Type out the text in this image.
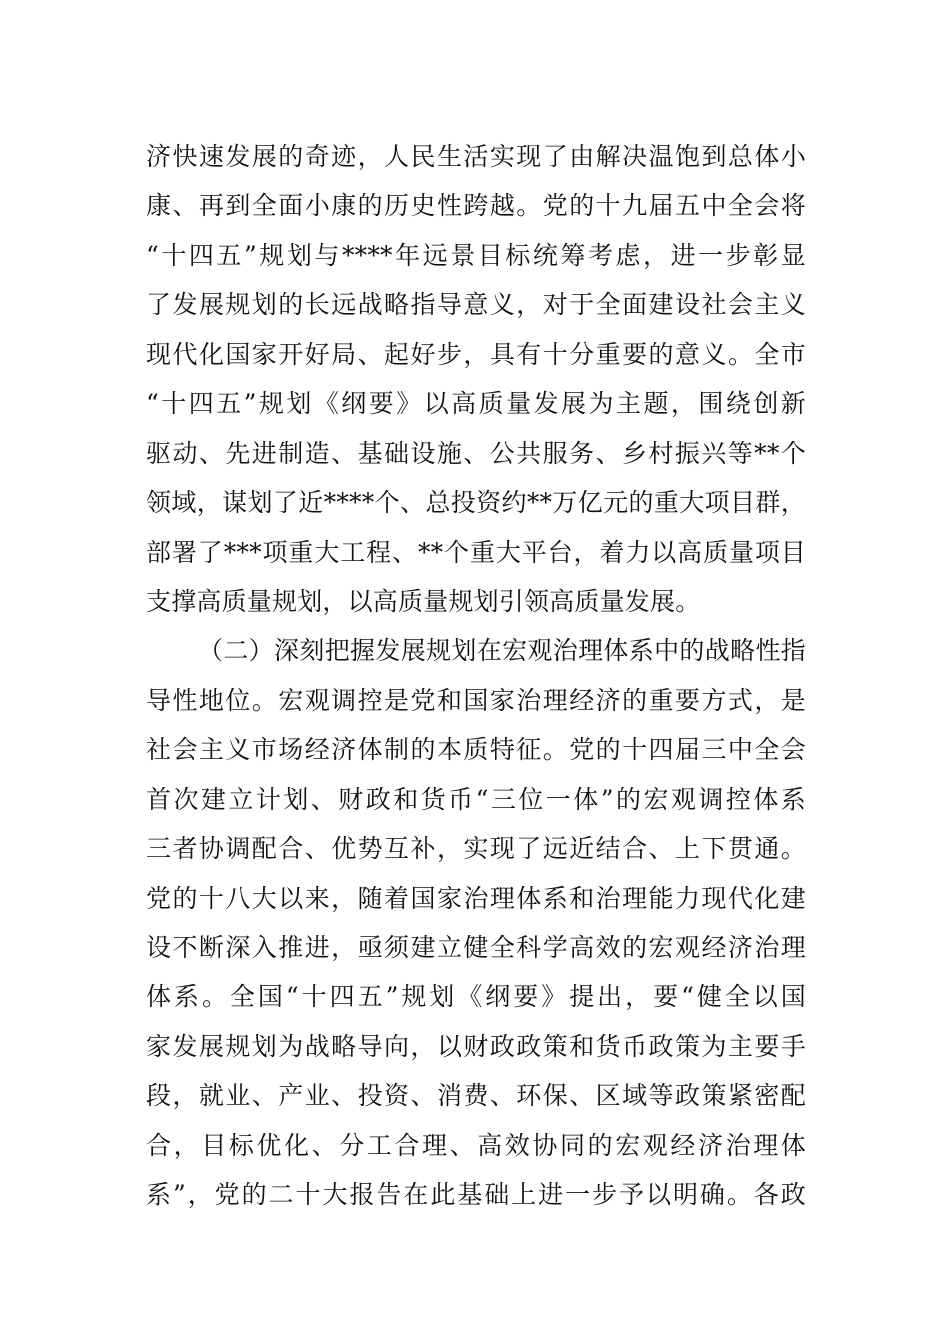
济快速发展的奇迹，人民生活实现了由解决温饱到总体小
康、再到全面小康的历史性跨越。党的十九届五中全会将
“十四五”规划与****年远景目标统筹考虑，进一步彰显
了发展规划的长远战略指导意义，对于全面建设社会主义
现代化国家开好局、起好步，具有十分重要的意义。全市
“十四五”规划《纲要》以高质量发展为主题，围绕创新
驱动、先进制造、基础设施、公共服务、乡村振兴等**个
领域，谋划了近****个、总投资约**万亿元的重大项目群，
部署了***项重大工程、**个重大平台，着力以高质量项目
支撑高质量规划，以高质量规划引领高质量发展。
（二）深刻把握发展规划在宏观治理体系中的战略性指
导性地位。宏观调控是党和国家治理经济的重要方式，是
社会主义市场经济体制的本质特征。党的十四届三中全会
首次建立计划、财政和货币“三位一体”的宏观调控体系
三者协调配合、优势互补，实现了远近结合、上下贯通。
党的十八大以来，随着国家治理体系和治理能力现代化建
设不断深入推进，亟须建立健全科学高效的宏观经济治理
体系。全国“十四五”规划《纲要》提出，要“健全以国
家发展规划为战略导向，以财政政策和货币政策为主要手
段，就业、产业、投资、消费、环保、区域等政策紧密配
合，目标优化、分工合理、高效协同的宏观经济治理体
系”，党的二十大报告在此基础上进一步予以明确。各政
